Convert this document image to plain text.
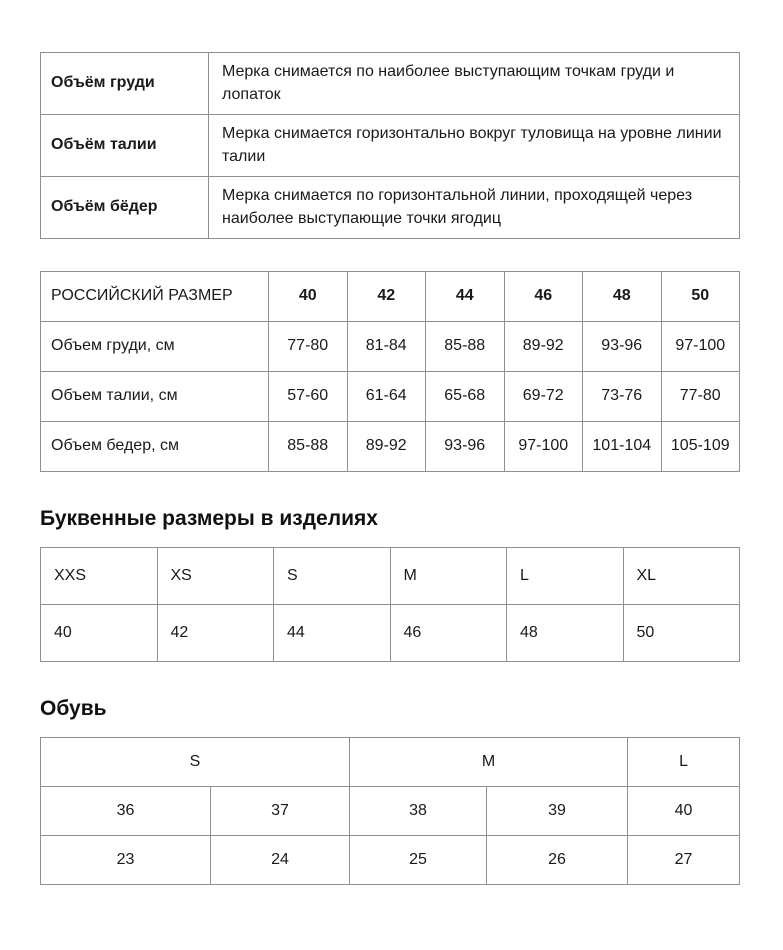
Объём груди	Мерка снимается по наиболее выступающим точкам груди и лопаток
Объём талии	Мерка снимается горизонтально вокруг туловища на уровне линии талии
Объём бёдер	Мерка снимается по горизонтальной линии, проходящей через наиболее выступающие точки ягодиц
РОССИЙСКИЙ РАЗМЕР	40	42	44	46	48	50
Объем груди, см	77-80	81-84	85-88	89-92	93-96	97-100
Объем талии, см	57-60	61-64	65-68	69-72	73-76	77-80
Объем бедер, см	85-88	89-92	93-96	97-100	101-104	105-109
Буквенные размеры в изделиях
XXS	XS	S	M	L	XL
40	42	44	46	48	50
Обувь
S		M		L
36	37	38	39	40
23	24	25	26	27
